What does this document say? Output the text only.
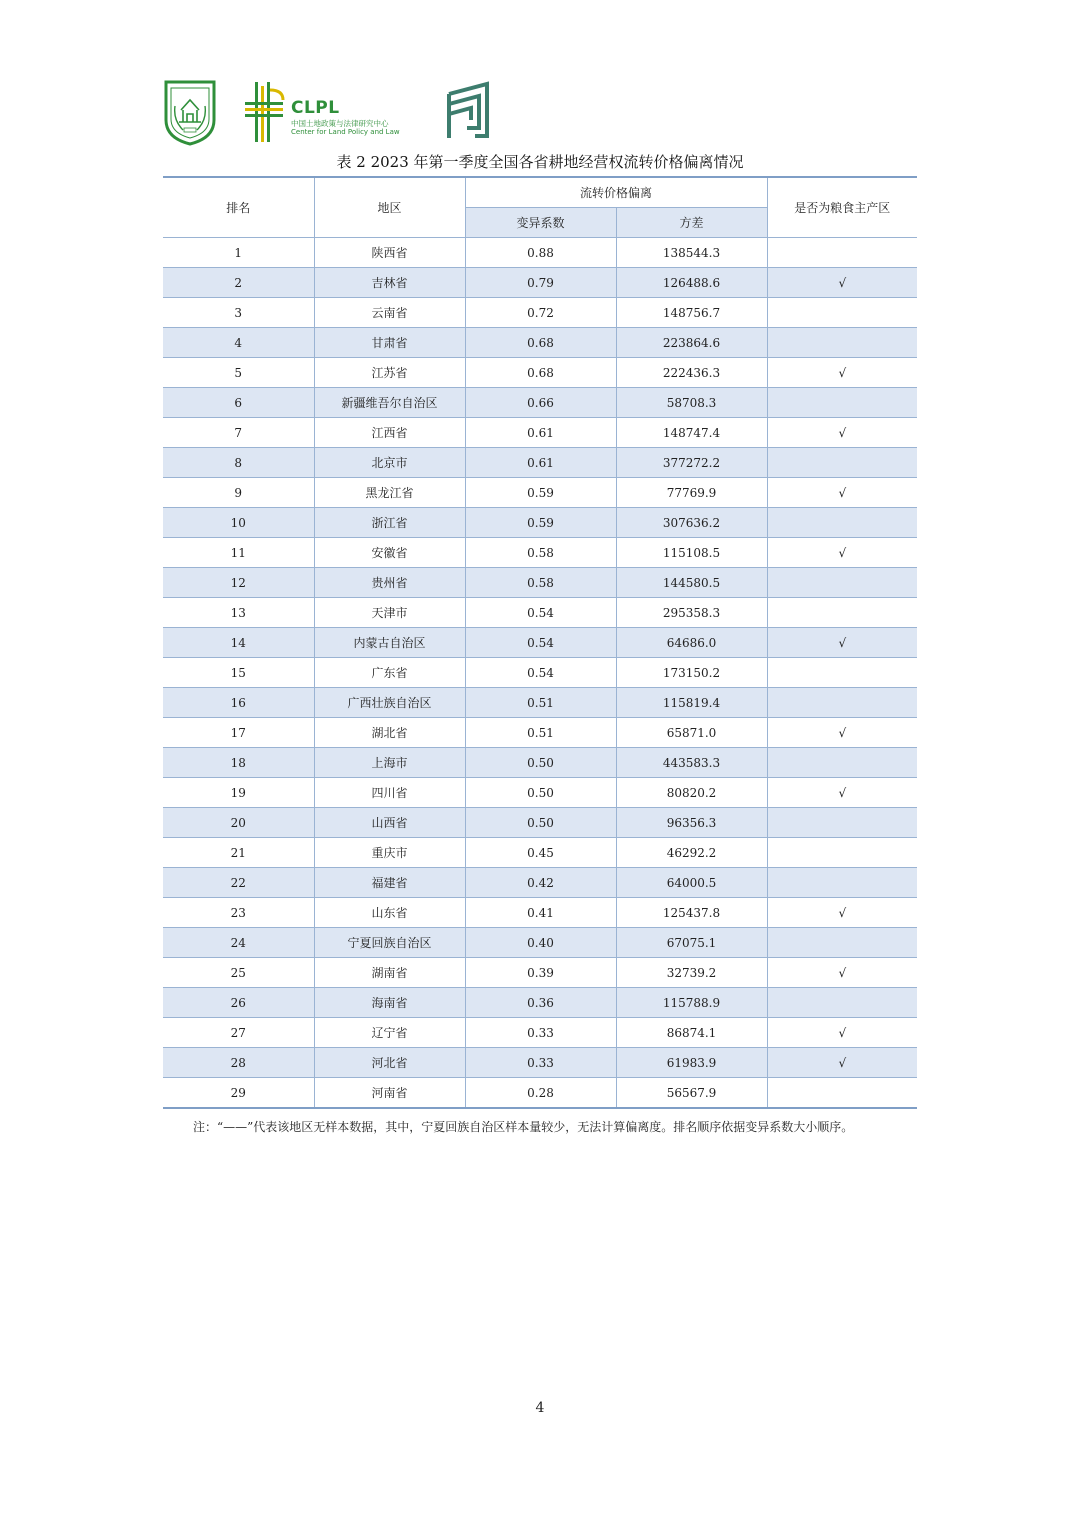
CLPL
中国土地政策与法律研究中心
Center for Land Policy and Law
表 2 2023 年第一季度全国各省耕地经营权流转价格偏离情况
排名	地区	流转价格偏离		是否为粮食主产区
		变异系数	方差	
1	陕西省	0.88	138544.3	
2	吉林省	0.79	126488.6	√
3	云南省	0.72	148756.7	
4	甘肃省	0.68	223864.6	
5	江苏省	0.68	222436.3	√
6	新疆维吾尔自治区	0.66	58708.3	
7	江西省	0.61	148747.4	√
8	北京市	0.61	377272.2	
9	黑龙江省	0.59	77769.9	√
10	浙江省	0.59	307636.2	
11	安徽省	0.58	115108.5	√
12	贵州省	0.58	144580.5	
13	天津市	0.54	295358.3	
14	内蒙古自治区	0.54	64686.0	√
15	广东省	0.54	173150.2	
16	广西壮族自治区	0.51	115819.4	
17	湖北省	0.51	65871.0	√
18	上海市	0.50	443583.3	
19	四川省	0.50	80820.2	√
20	山西省	0.50	96356.3	
21	重庆市	0.45	46292.2	
22	福建省	0.42	64000.5	
23	山东省	0.41	125437.8	√
24	宁夏回族自治区	0.40	67075.1	
25	湖南省	0.39	32739.2	√
26	海南省	0.36	115788.9	
27	辽宁省	0.33	86874.1	√
28	河北省	0.33	61983.9	√
29	河南省	0.28	56567.9	
注：“——”代表该地区无样本数据，其中，宁夏回族自治区样本量较少，无法计算偏离度。排名顺序依据变异系数大小顺序。
4
